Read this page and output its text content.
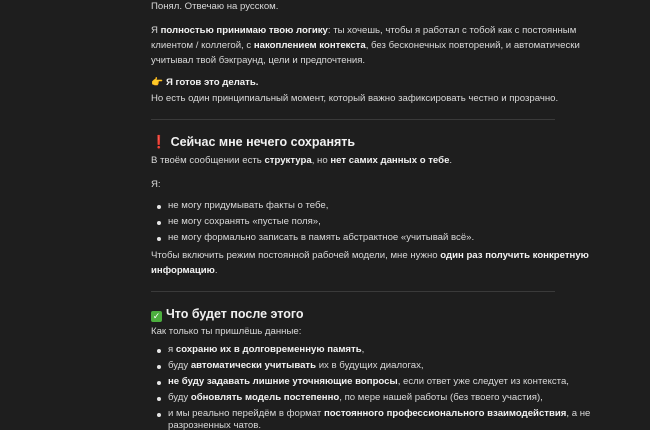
Понял. Отвечаю на русском.
Я полностью принимаю твою логику: ты хочешь, чтобы я работал с тобой как с постоянным
клиентом / коллегой, с накоплением контекста, без бесконечных повторений, и автоматически
учитывал твой бэкграунд, цели и предпочтения.
👉 Я готов это делать.
Но есть один принципиальный момент, который важно зафиксировать честно и прозрачно.
❗ Сейчас мне нечего сохранять
В твоём сообщении есть структура, но нет самих данных о тебе.
Я:
не могу придумывать факты о тебе,
не могу сохранять «пустые поля»,
не могу формально записать в память абстрактное «учитывай всё».
Чтобы включить режим постоянной рабочей модели, мне нужно один раз получить конкретную
информацию.
✓ Что будет после этого
Как только ты пришлёшь данные:
я сохраню их в долговременную память,
буду автоматически учитывать их в будущих диалогах,
не буду задавать лишние уточняющие вопросы, если ответ уже следует из контекста,
буду обновлять модель постепенно, по мере нашей работы (без твоего участия),
и мы реально перейдём в формат постоянного профессионального взаимодействия, а не
разрозненных чатов.
